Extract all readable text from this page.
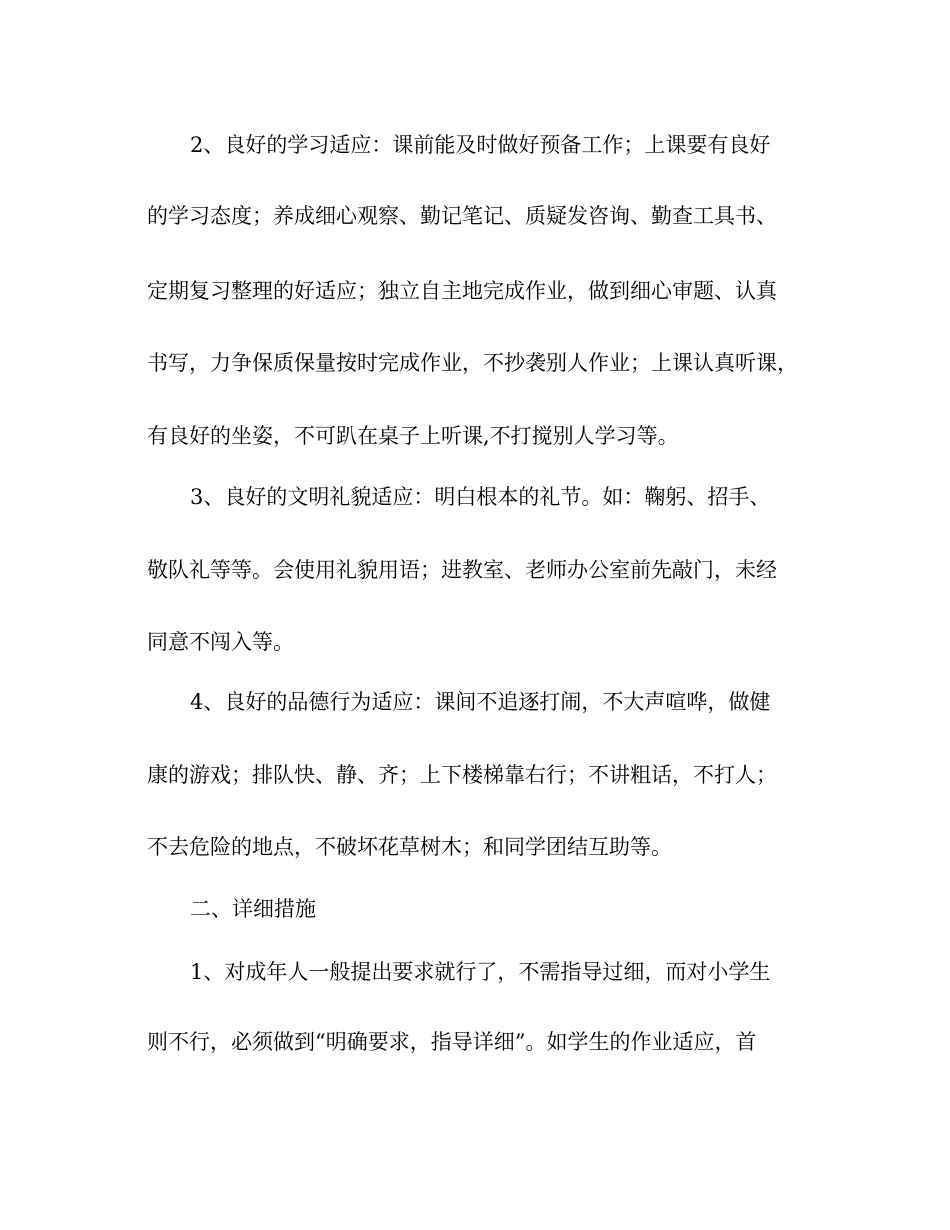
2、良好的学习适应：课前能及时做好预备工作；上课要有良好
的学习态度；养成细心观察、勤记笔记、质疑发咨询、勤查工具书、
定期复习整理的好适应；独立自主地完成作业，做到细心审题、认真
书写，力争保质保量按时完成作业，不抄袭别人作业；上课认真听课，
有良好的坐姿，不可趴在桌子上听课,不打搅别人学习等。
3、良好的文明礼貌适应：明白根本的礼节。如：鞠躬、招手、
敬队礼等等。会使用礼貌用语；进教室、老师办公室前先敲门，未经
同意不闯入等。
4、良好的品德行为适应：课间不追逐打闹，不大声喧哗，做健
康的游戏；排队快、静、齐；上下楼梯靠右行；不讲粗话，不打人；
不去危险的地点，不破坏花草树木；和同学团结互助等。
二、详细措施
1、对成年人一般提出要求就行了，不需指导过细，而对小学生
则不行，必须做到“明确要求，指导详细”。如学生的作业适应，首
